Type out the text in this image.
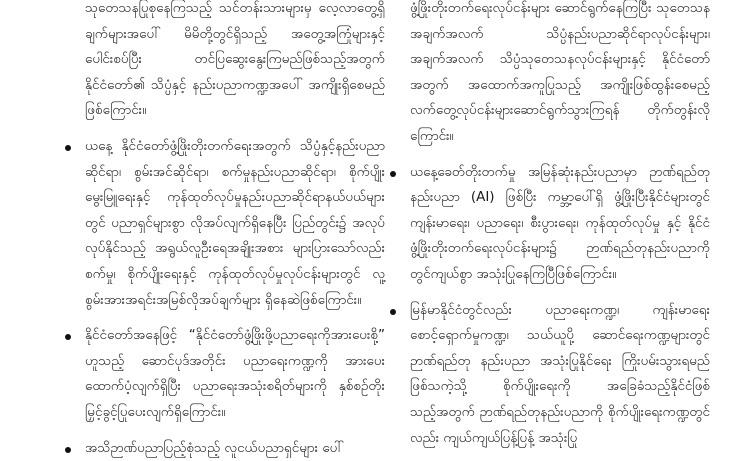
သုတေသနပြုစုနေကြသည့် သင်တန်းသားများမှ လေ့လာတွေ့ရှိချက်များအပေါ် မိမိတို့တွင်ရှိသည့် အတွေ့အကြုံများနှင့် ပေါင်းစပ်ပြီး တင်ပြဆွေးနွေးကြမည်ဖြစ်သည့်အတွက် နိုင်ငံတော်၏ သိပ္ပံနှင့် နည်းပညာကဏ္ဍအပေါ် အကျိုးရှိစေမည်ဖြစ်ကြောင်း။

ယနေ့ နိုင်ငံတော်ဖွံ့ဖြိုးတိုးတက်ရေးအတွက် သိပ္ပံနှင့်နည်းပညာဆိုင်ရာ၊ စွမ်းအင်ဆိုင်ရာ၊ စက်မှုနည်းပညာဆိုင်ရာ၊ စိုက်ပျိုးမွေးမြူရေးနှင့် ကုန်ထုတ်လုပ်မှုနည်းပညာဆိုင်ရာနယ်ပယ်များတွင် ပညာရှင်များစွာ လိုအပ်လျက်ရှိနေပြီး ပြည်တွင်း၌ အလုပ်လုပ်နိုင်သည့် အရွယ်လူဦးရေအချိုးအစား များပြားသော်လည်း စက်မှု၊ စိုက်ပျိုးရေးနှင့် ကုန်ထုတ်လုပ်မှုလုပ်ငန်းများတွင် လူ့စွမ်းအားအရင်းအမြစ်လိုအပ်ချက်များ ရှိနေဆဲဖြစ်ကြောင်း။

နိုင်ငံတော်အနေဖြင့် “နိုင်ငံတော်ဖွံ့ဖြိုးဖို့ပညာရေးကိုအားပေးစို့” ဟူသည့် ဆောင်ပုဒ်အတိုင်း ပညာရေးကဏ္ဍကို အားပေးထောက်ပံ့လျက်ရှိပြီး ပညာရေးအသုံးစရိတ်များကို နှစ်စဉ်တိုးမြှင့်ခွင့်ပြုပေးလျက်ရှိကြောင်း။

အသိဉာဏ်ပညာပြည့်စုံသည့် လူငယ်ပညာရှင်များ ပေါ်

ဖွံ့ဖြိုးတိုးတက်ရေးလုပ်ငန်းများ ဆောင်ရွက်နေကြပြီး သုတေသနအချက်အလက် သိပ္ပံနည်းပညာဆိုင်ရာလုပ်ငန်းများ၊ အချက်အလက် သိပ္ပံသုတေသနလုပ်ငန်းများနှင့် နိုင်ငံတော်အတွက် အထောက်အကူပြုသည့် အကျိုးဖြစ်ထွန်းစေမည့် လက်တွေ့လုပ်ငန်းများဆောင်ရွက်သွားကြရန် တိုက်တွန်းလိုကြောင်း။

ယနေ့ခေတ်တိုးတက်မှု အမြန်ဆုံးနည်းပညာမှာ ဉာဏ်ရည်တုနည်းပညာ (AI) ဖြစ်ပြီး ကမ္ဘာ့ပေါ်ရှိ ဖွံ့ဖြိုးပြီးနိုင်ငံများတွင် ကျန်းမာရေး၊ ပညာရေး၊ စီးပွားရေး၊ ကုန်ထုတ်လုပ်မှု နှင့် နိုင်ငံဖွံ့ဖြိုးတိုးတက်ရေးလုပ်ငန်းများ၌ ဉာဏ်ရည်တုနည်းပညာကို တွင်ကျယ်စွာ အသုံးပြုနေကြပြီဖြစ်ကြောင်း။

မြန်မာနိုင်ငံတွင်လည်း ပညာရေးကဏ္ဍ၊ ကျန်းမာရေးစောင့်ရှောက်မှုကဏ္ဍ၊ သယ်ယူပို့ ဆောင်ရေးကဏ္ဍများတွင် ဉာဏ်ရည်တု နည်းပညာ အသုံးပြုနိုင်ရေး ကြိုးပမ်းသွားရမည်ဖြစ်သကဲ့သို့ စိုက်ပျိုးရေးကို အခြေခံသည့်နိုင်ငံဖြစ်သည့်အတွက် ဉာဏ်ရည်တုနည်းပညာကို စိုက်ပျိုးရေးကဏ္ဍတွင်လည်း ကျယ်ကျယ်ပြန့်ပြန့် အသုံးပြု
